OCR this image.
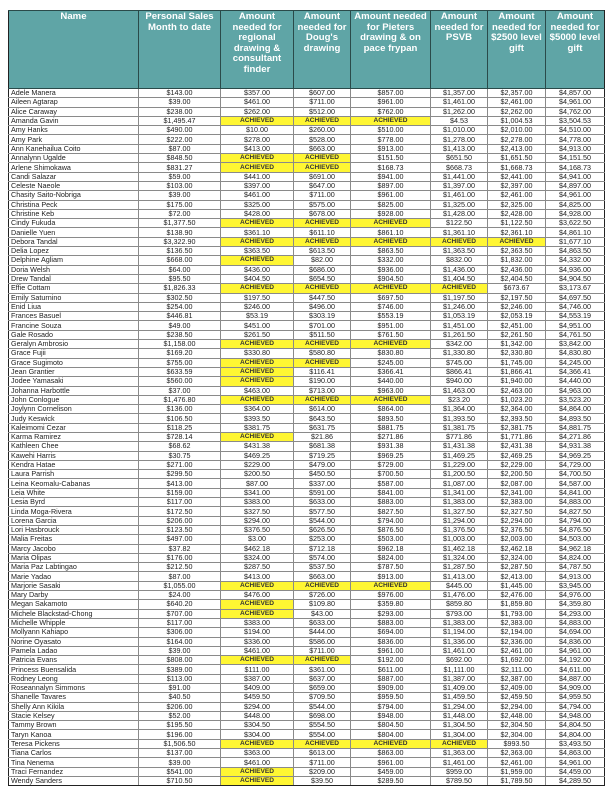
Name	Personal Sales Month to date	Amount needed for regional drawing & consultant finder	Amount needed for Doug's drawing	Amount needed for Pieters drawing & on pace frypan	Amount needed for PSVB	Amount needed for $2500 level gift	Amount needed for $5000 level gift
Adele Manera	$143.00	$357.00	$607.00	$857.00	$1,357.00	$2,357.00	$4,857.00
Aileen Agtarap	$39.00	$461.00	$711.00	$961.00	$1,461.00	$2,461.00	$4,961.00
Alice Caraway	$238.00	$262.00	$512.00	$762.00	$1,262.00	$2,262.00	$4,762.00
Amanda Gavin	$1,495.47	ACHIEVED	ACHIEVED	ACHIEVED	$4.53	$1,004.53	$3,504.53
Amy Hanks	$490.00	$10.00	$260.00	$510.00	$1,010.00	$2,010.00	$4,510.00
Amy Park	$222.00	$278.00	$528.00	$778.00	$1,278.00	$2,278.00	$4,778.00
Ann Kanehailua Coito	$87.00	$413.00	$663.00	$913.00	$1,413.00	$2,413.00	$4,913.00
Annalynn Ugalde	$848.50	ACHIEVED	ACHIEVED	$151.50	$651.50	$1,651.50	$4,151.50
Arlene Shimokawa	$831.27	ACHIEVED	ACHIEVED	$168.73	$668.73	$1,668.73	$4,168.73
Candi Salazar	$59.00	$441.00	$691.00	$941.00	$1,441.00	$2,441.00	$4,941.00
Celeste Naeole	$103.00	$397.00	$647.00	$897.00	$1,397.00	$2,397.00	$4,897.00
Chasity Saito-Nobriga	$39.00	$461.00	$711.00	$961.00	$1,461.00	$2,461.00	$4,961.00
Christina Peck	$175.00	$325.00	$575.00	$825.00	$1,325.00	$2,325.00	$4,825.00
Christine Keb	$72.00	$428.00	$678.00	$928.00	$1,428.00	$2,428.00	$4,928.00
Cindy Fukuda	$1,377.50	ACHIEVED	ACHIEVED	ACHIEVED	$122.50	$1,122.50	$3,622.50
Danielle Yuen	$138.90	$361.10	$611.10	$861.10	$1,361.10	$2,361.10	$4,861.10
Debora Tandal	$3,322.90	ACHIEVED	ACHIEVED	ACHIEVED	ACHIEVED	ACHIEVED	$1,677.10
Delia Lopez	$136.50	$363.50	$613.50	$863.50	$1,363.50	$2,363.50	$4,863.50
Delphine Agliam	$668.00	ACHIEVED	$82.00	$332.00	$832.00	$1,832.00	$4,332.00
Doria Welsh	$64.00	$436.00	$686.00	$936.00	$1,436.00	$2,436.00	$4,936.00
Drew Tandal	$95.50	$404.50	$654.50	$904.50	$1,404.50	$2,404.50	$4,904.50
Effie Cottam	$1,826.33	ACHIEVED	ACHIEVED	ACHIEVED	ACHIEVED	$673.67	$3,173.67
Emily Saturnino	$302.50	$197.50	$447.50	$697.50	$1,197.50	$2,197.50	$4,697.50
Enid Liua	$254.00	$246.00	$496.00	$746.00	$1,246.00	$2,246.00	$4,746.00
Frances Basuel	$446.81	$53.19	$303.19	$553.19	$1,053.19	$2,053.19	$4,553.19
Francine Souza	$49.00	$451.00	$701.00	$951.00	$1,451.00	$2,451.00	$4,951.00
Gale Rosado	$238.50	$261.50	$511.50	$761.50	$1,261.50	$2,261.50	$4,761.50
Geralyn Ambrosio	$1,158.00	ACHIEVED	ACHIEVED	ACHIEVED	$342.00	$1,342.00	$3,842.00
Grace Fujii	$169.20	$330.80	$580.80	$830.80	$1,330.80	$2,330.80	$4,830.80
Grace Sugimoto	$755.00	ACHIEVED	ACHIEVED	$245.00	$745.00	$1,745.00	$4,245.00
Jean Grantier	$633.59	ACHIEVED	$116.41	$366.41	$866.41	$1,866.41	$4,366.41
Jodee Yamasaki	$560.00	ACHIEVED	$190.00	$440.00	$940.00	$1,940.00	$4,440.00
Johanna Harbottle	$37.00	$463.00	$713.00	$963.00	$1,463.00	$2,463.00	$4,963.00
John Conlogue	$1,476.80	ACHIEVED	ACHIEVED	ACHIEVED	$23.20	$1,023.20	$3,523.20
Joylynn Cornelison	$136.00	$364.00	$614.00	$864.00	$1,364.00	$2,364.00	$4,864.00
Judy Keswick	$106.50	$393.50	$643.50	$893.50	$1,393.50	$2,393.50	$4,893.50
Kaleimomi Cezar	$118.25	$381.75	$631.75	$881.75	$1,381.75	$2,381.75	$4,881.75
Karma Ramirez	$728.14	ACHIEVED	$21.86	$271.86	$771.86	$1,771.86	$4,271.86
Kathleen Chee	$68.62	$431.38	$681.38	$931.38	$1,431.38	$2,431.38	$4,931.38
Kawehi Harris	$30.75	$469.25	$719.25	$969.25	$1,469.25	$2,469.25	$4,969.25
Kendra Hatae	$271.00	$229.00	$479.00	$729.00	$1,229.00	$2,229.00	$4,729.00
Laura Parrish	$299.50	$200.50	$450.50	$700.50	$1,200.50	$2,200.50	$4,700.50
Leina Keomalu-Cabanas	$413.00	$87.00	$337.00	$587.00	$1,087.00	$2,087.00	$4,587.00
Leia White	$159.00	$341.00	$591.00	$841.00	$1,341.00	$2,341.00	$4,841.00
Lesia Byrd	$117.00	$383.00	$633.00	$883.00	$1,383.00	$2,383.00	$4,883.00
Linda Moga-Rivera	$172.50	$327.50	$577.50	$827.50	$1,327.50	$2,327.50	$4,827.50
Lorena Garcia	$206.00	$294.00	$544.00	$794.00	$1,294.00	$2,294.00	$4,794.00
Lori Hasbrouck	$123.50	$376.50	$626.50	$876.50	$1,376.50	$2,376.50	$4,876.50
Malia Freitas	$497.00	$3.00	$253.00	$503.00	$1,003.00	$2,003.00	$4,503.00
Marcy Jacobo	$37.82	$462.18	$712.18	$962.18	$1,462.18	$2,462.18	$4,962.18
Maria Olipas	$176.00	$324.00	$574.00	$824.00	$1,324.00	$2,324.00	$4,824.00
Maria Paz Labtingao	$212.50	$287.50	$537.50	$787.50	$1,287.50	$2,287.50	$4,787.50
Marie Yadao	$87.00	$413.00	$663.00	$913.00	$1,413.00	$2,413.00	$4,913.00
Marjorie Sasaki	$1,055.00	ACHIEVED	ACHIEVED	ACHIEVED	$445.00	$1,445.00	$3,945.00
Mary Darby	$24.00	$476.00	$726.00	$976.00	$1,476.00	$2,476.00	$4,976.00
Megan Sakamoto	$640.20	ACHIEVED	$109.80	$359.80	$859.80	$1,859.80	$4,359.80
Michele Blackstad-Chong	$707.00	ACHIEVED	$43.00	$293.00	$793.00	$1,793.00	$4,293.00
Michelle Whipple	$117.00	$383.00	$633.00	$883.00	$1,383.00	$2,383.00	$4,883.00
Mollyann Kahiapo	$306.00	$194.00	$444.00	$694.00	$1,194.00	$2,194.00	$4,694.00
Norine Oyasato	$164.00	$336.00	$586.00	$836.00	$1,336.00	$2,336.00	$4,836.00
Pamela Ladao	$39.00	$461.00	$711.00	$961.00	$1,461.00	$2,461.00	$4,961.00
Patricia Evans	$808.00	ACHIEVED	ACHIEVED	$192.00	$692.00	$1,692.00	$4,192.00
Princess Buensalida	$389.00	$111.00	$361.00	$611.00	$1,111.00	$2,111.00	$4,611.00
Rodney Leong	$113.00	$387.00	$637.00	$887.00	$1,387.00	$2,387.00	$4,887.00
Roseannalyn Simmons	$91.00	$409.00	$659.00	$909.00	$1,409.00	$2,409.00	$4,909.00
Shanelle Tavares	$40.50	$459.50	$709.50	$959.50	$1,459.50	$2,459.50	$4,959.50
Shelly Ann Kikila	$206.00	$294.00	$544.00	$794.00	$1,294.00	$2,294.00	$4,794.00
Stacie Kelsey	$52.00	$448.00	$698.00	$948.00	$1,448.00	$2,448.00	$4,948.00
Tammy Brown	$195.50	$304.50	$554.50	$804.50	$1,304.50	$2,304.50	$4,804.50
Taryn Kanoa	$196.00	$304.00	$554.00	$804.00	$1,304.00	$2,304.00	$4,804.00
Teresa Pickens	$1,506.50	ACHIEVED	ACHIEVED	ACHIEVED	ACHIEVED	$993.50	$3,493.50
Tiana Carlos	$137.00	$363.00	$613.00	$863.00	$1,363.00	$2,363.00	$4,863.00
Tina Nenema	$39.00	$461.00	$711.00	$961.00	$1,461.00	$2,461.00	$4,961.00
Traci Fernandez	$541.00	ACHIEVED	$209.00	$459.00	$959.00	$1,959.00	$4,459.00
Wendy Sanders	$710.50	ACHIEVED	$39.50	$289.50	$789.50	$1,789.50	$4,289.50
